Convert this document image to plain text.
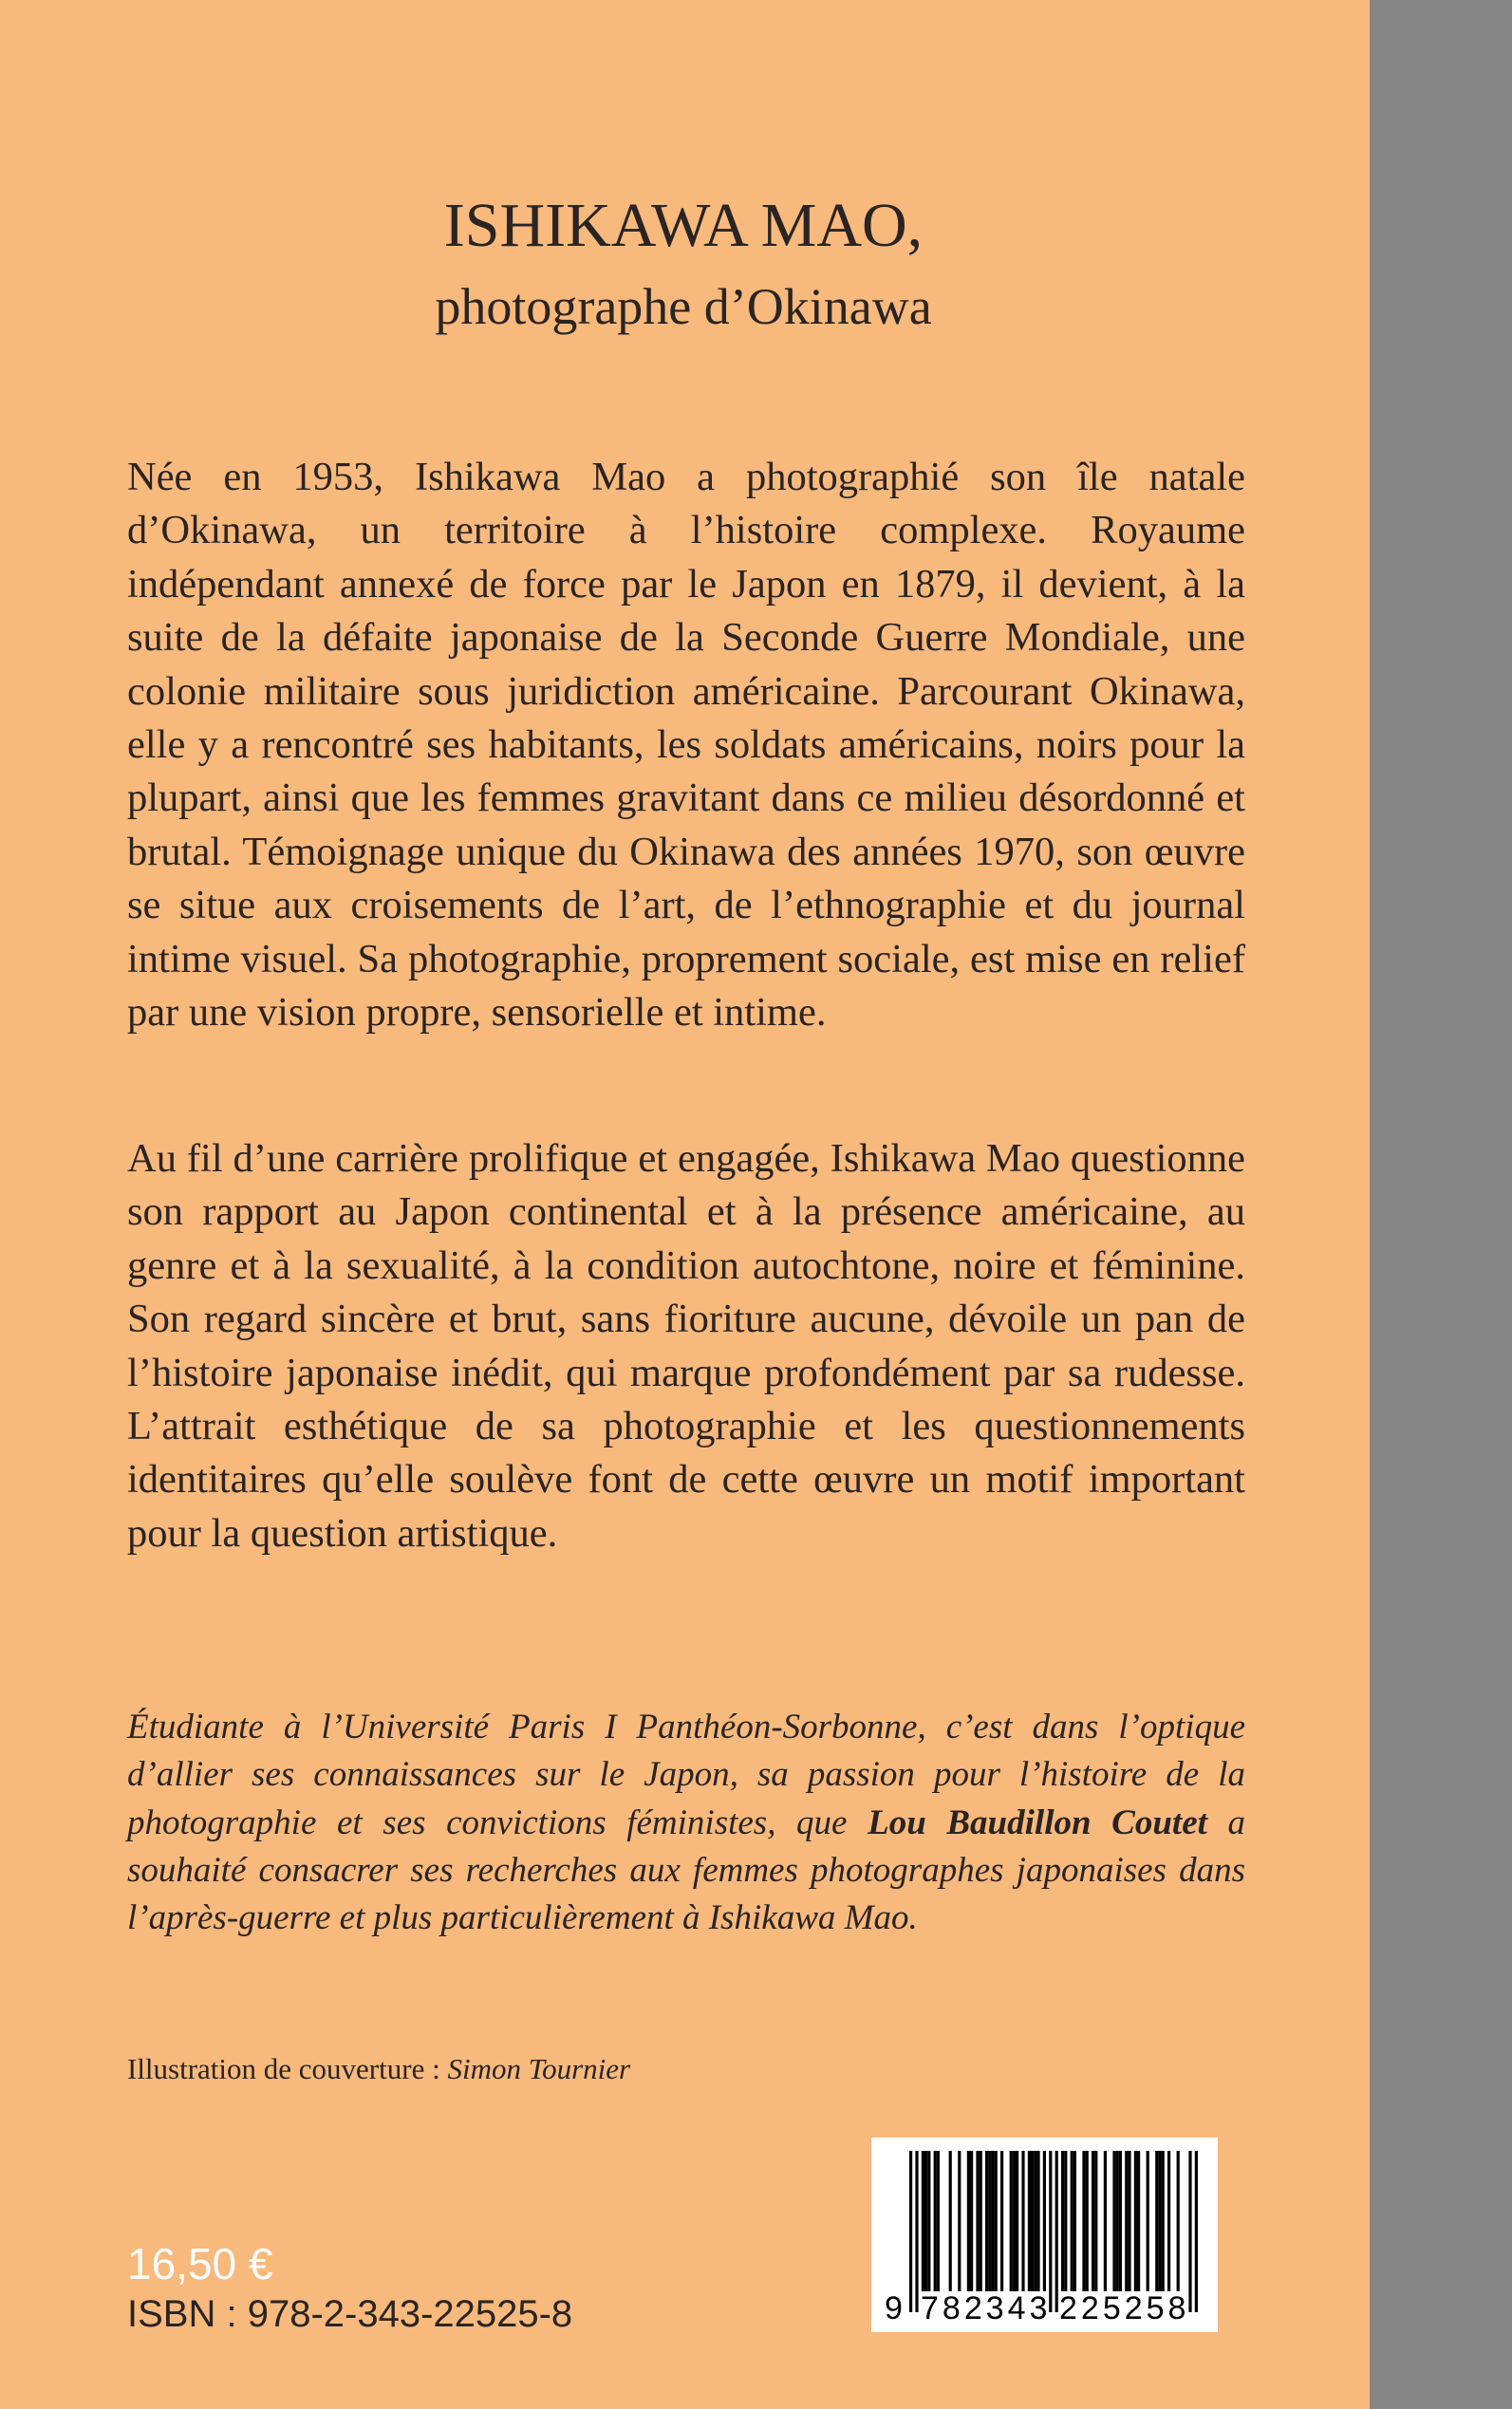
ISHIKAWA MAO,
photographe d’Okinawa

Née en 1953, Ishikawa Mao a photographié son île natale d’Okinawa, un territoire à l’histoire complexe. Royaume indépendant annexé de force par le Japon en 1879, il devient, à la suite de la défaite japonaise de la Seconde Guerre Mondiale, une colonie militaire sous juridiction américaine. Parcourant Okinawa, elle y a rencontré ses habitants, les soldats américains, noirs pour la plupart, ainsi que les femmes gravitant dans ce milieu désordonné et brutal. Témoignage unique du Okinawa des années 1970, son œuvre se situe aux croisements de l’art, de l’ethnographie et du journal intime visuel. Sa photographie, proprement sociale, est mise en relief par une vision propre, sensorielle et intime.

Au fil d’une carrière prolifique et engagée, Ishikawa Mao questionne son rapport au Japon continental et à la présence américaine, au genre et à la sexualité, à la condition autochtone, noire et féminine. Son regard sincère et brut, sans fioriture aucune, dévoile un pan de l’histoire japonaise inédit, qui marque profondément par sa rudesse. L’attrait esthétique de sa photographie et les questionnements identitaires qu’elle soulève font de cette œuvre un motif important pour la question artistique.

Étudiante à l’Université Paris I Panthéon-Sorbonne, c’est dans l’optique d’allier ses connaissances sur le Japon, sa passion pour l’histoire de la photographie et ses convictions féministes, que Lou Baudillon Coutet a souhaité consacrer ses recherches aux femmes photographes japonaises dans l’après-guerre et plus particulièrement à Ishikawa Mao.

Illustration de couverture : Simon Tournier
16,50 €
ISBN : 978-2-343-22525-8	9 782343 225258
